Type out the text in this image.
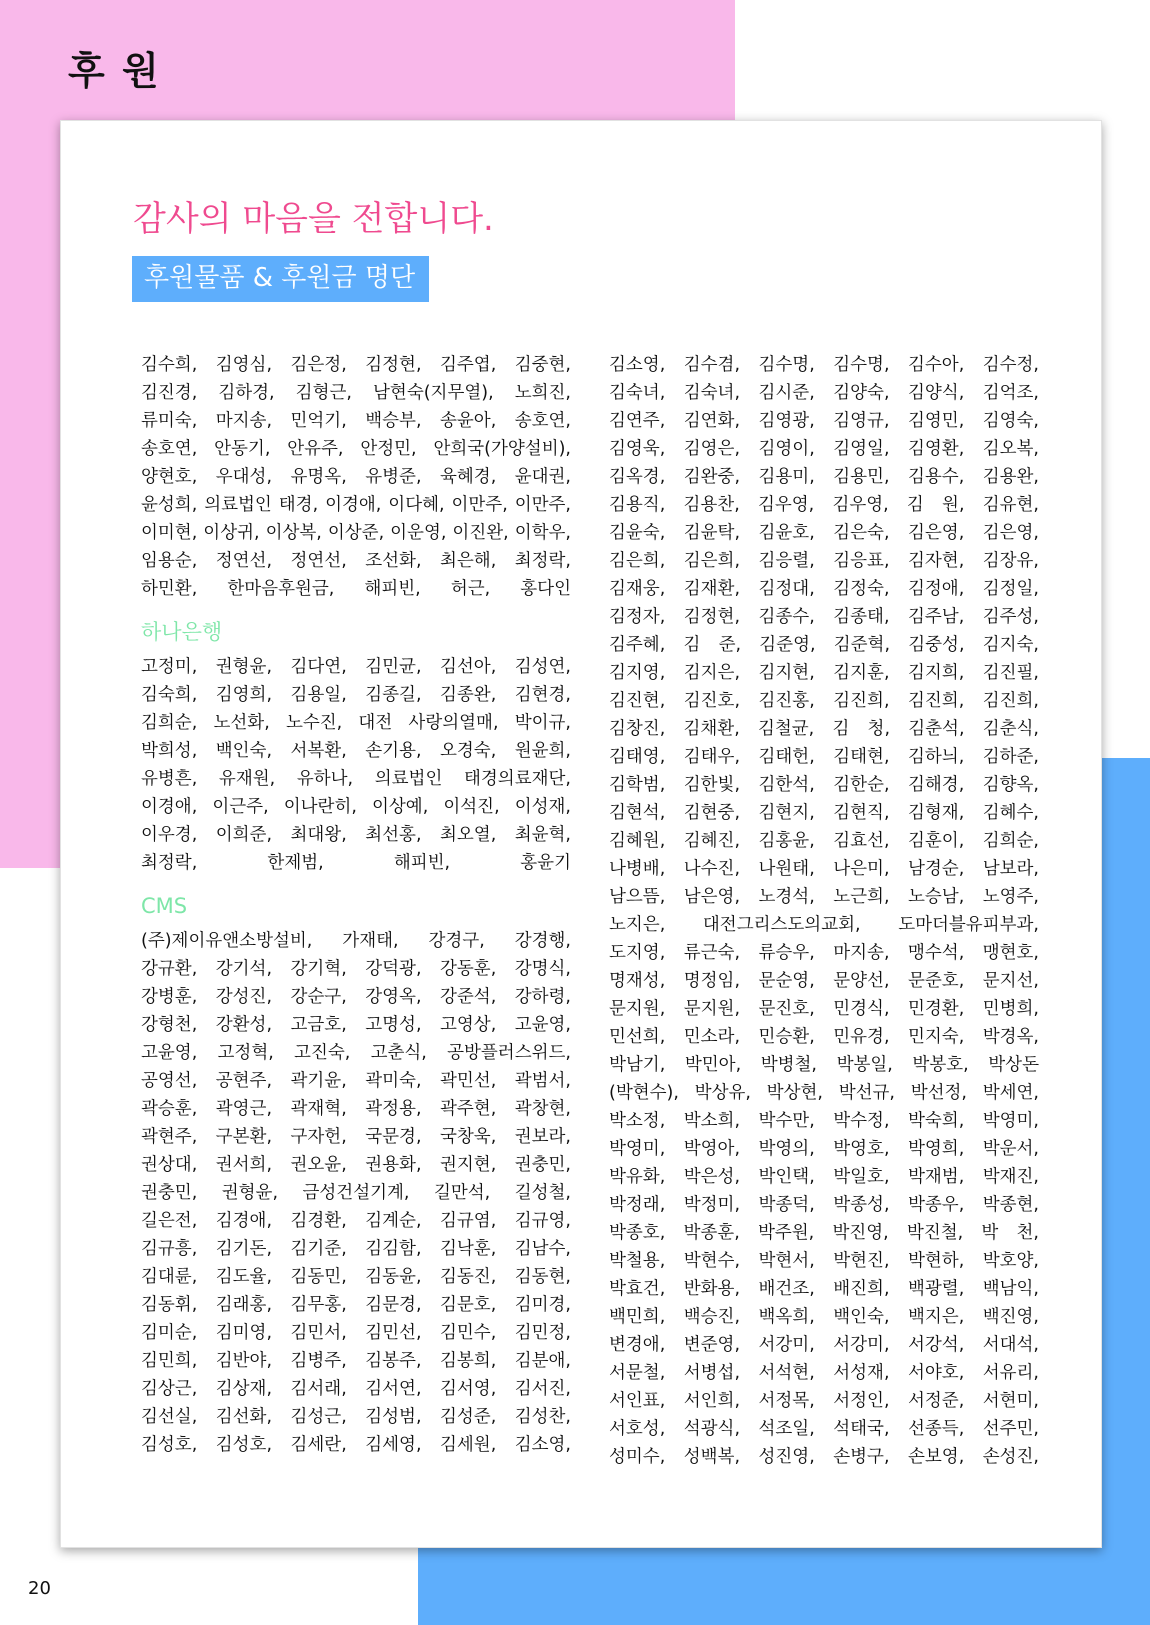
후 원
감사의 마음을 전합니다.
후원물품 & 후원금 명단

김수희, 김영심, 김은정, 김정현, 김주엽, 김중현,

김진경, 김하경, 김형근, 남현숙(지무열), 노희진,

류미숙, 마지송, 민억기, 백승부, 송윤아, 송호연,

송호연, 안동기, 안유주, 안정민, 안희국(가양설비),

양현호, 우대성, 유명옥, 유병준, 육혜경, 윤대권,

윤성희, 의료법인 태경, 이경애, 이다혜, 이만주, 이만주,

이미현, 이상귀, 이상복, 이상준, 이운영, 이진완, 이학우,

임용순, 정연선, 정연선, 조선화, 최은해, 최정락,

하민환, 한마음후원금, 해피빈, 허근, 홍다인

하나은행

고정미, 권형윤, 김다연, 김민균, 김선아, 김성연,

김숙희, 김영희, 김용일, 김종길, 김종완, 김현경,

김희순, 노선화, 노수진, 대전 사랑의열매, 박이규,

박희성, 백인숙, 서복환, 손기용, 오경숙, 원윤희,

유병흔, 유재원, 유하나, 의료법인 태경의료재단,

이경애, 이근주, 이나란히, 이상예, 이석진, 이성재,

이우경, 이희준, 최대왕, 최선홍, 최오열, 최윤혁,

최정락, 한제범, 해피빈, 홍윤기

CMS

(주)제이유앤소방설비, 가재태, 강경구, 강경행,

강규환, 강기석, 강기혁, 강덕광, 강동훈, 강명식,

강병훈, 강성진, 강순구, 강영옥, 강준석, 강하령,

강형천, 강환성, 고금호, 고명성, 고영상, 고윤영,

고윤영, 고정혁, 고진숙, 고춘식, 공방플러스위드,

공영선, 공현주, 곽기윤, 곽미숙, 곽민선, 곽범서,

곽승훈, 곽영근, 곽재혁, 곽정용, 곽주현, 곽창현,

곽현주, 구본환, 구자헌, 국문경, 국창욱, 권보라,

권상대, 권서희, 권오윤, 권용화, 권지현, 권충민,

권충민, 권형윤, 금성건설기계, 길만석, 길성철,

길은전, 김경애, 김경환, 김계순, 김규염, 김규영,

김규흥, 김기돈, 김기준, 김김함, 김낙훈, 김남수,

김대륜, 김도율, 김동민, 김동윤, 김동진, 김동현,

김동휘, 김래홍, 김무홍, 김문경, 김문호, 김미경,

김미순, 김미영, 김민서, 김민선, 김민수, 김민정,

김민희, 김반야, 김병주, 김봉주, 김봉희, 김분애,

김상근, 김상재, 김서래, 김서연, 김서영, 김서진,

김선실, 김선화, 김성근, 김성범, 김성준, 김성찬,

김성호, 김성호, 김세란, 김세영, 김세원, 김소영,

김소영, 김수겸, 김수명, 김수명, 김수아, 김수정,

김숙녀, 김숙녀, 김시준, 김양숙, 김양식, 김억조,

김연주, 김연화, 김영광, 김영규, 김영민, 김영숙,

김영욱, 김영은, 김영이, 김영일, 김영환, 김오복,

김옥경, 김완중, 김용미, 김용민, 김용수, 김용완,

김용직, 김용찬, 김우영, 김우영, 김 원, 김유현,

김윤숙, 김윤탁, 김윤호, 김은숙, 김은영, 김은영,

김은희, 김은희, 김응렬, 김응표, 김자현, 김장유,

김재웅, 김재환, 김정대, 김정숙, 김정애, 김정일,

김정자, 김정현, 김종수, 김종태, 김주남, 김주성,

김주혜, 김 준, 김준영, 김준혁, 김중성, 김지숙,

김지영, 김지은, 김지현, 김지훈, 김지희, 김진필,

김진현, 김진호, 김진홍, 김진희, 김진희, 김진희,

김창진, 김채환, 김철균, 김 청, 김춘석, 김춘식,

김태영, 김태우, 김태헌, 김태현, 김하늬, 김하준,

김학범, 김한빛, 김한석, 김한순, 김해경, 김향옥,

김현석, 김현중, 김현지, 김현직, 김형재, 김혜수,

김혜원, 김혜진, 김홍윤, 김효선, 김훈이, 김희순,

나병배, 나수진, 나원태, 나은미, 남경순, 남보라,

남으뜸, 남은영, 노경석, 노근희, 노승남, 노영주,

노지은, 대전그리스도의교회, 도마더블유피부과,

도지영, 류근숙, 류승우, 마지송, 맹수석, 맹현호,

명재성, 명정임, 문순영, 문양선, 문준호, 문지선,

문지원, 문지원, 문진호, 민경식, 민경환, 민병희,

민선희, 민소라, 민승환, 민유경, 민지숙, 박경옥,

박남기, 박민아, 박병철, 박봉일, 박봉호, 박상돈

(박현수), 박상유, 박상현, 박선규, 박선정, 박세연,

박소정, 박소희, 박수만, 박수정, 박숙희, 박영미,

박영미, 박영아, 박영의, 박영호, 박영희, 박운서,

박유화, 박은성, 박인택, 박일호, 박재범, 박재진,

박정래, 박정미, 박종덕, 박종성, 박종우, 박종현,

박종호, 박종훈, 박주원, 박진영, 박진철, 박 천,

박철용, 박현수, 박현서, 박현진, 박현하, 박호양,

박효건, 반화용, 배건조, 배진희, 백광렬, 백남익,

백민희, 백승진, 백옥희, 백인숙, 백지은, 백진영,

변경애, 변준영, 서강미, 서강미, 서강석, 서대석,

서문철, 서병섭, 서석현, 서성재, 서야호, 서유리,

서인표, 서인희, 서정목, 서정인, 서정준, 서현미,

서호성, 석광식, 석조일, 석태국, 선종득, 선주민,

성미수, 성백복, 성진영, 손병구, 손보영, 손성진,

20
